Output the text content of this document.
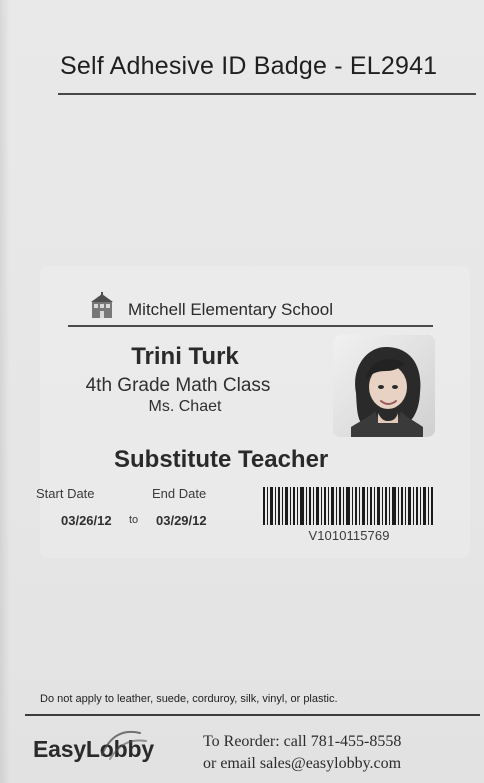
Self Adhesive ID Badge - EL2941
Mitchell Elementary School
Trini Turk
4th Grade Math Class
Ms. Chaet
Substitute Teacher
Start Date	End Date
03/26/12 to 03/29/12
V1010115769
Do not apply to leather, suede, corduroy, silk, vinyl, or plastic.
EasyLobby	To Reorder: call 781-455-8558
or email sales@easylobby.com
